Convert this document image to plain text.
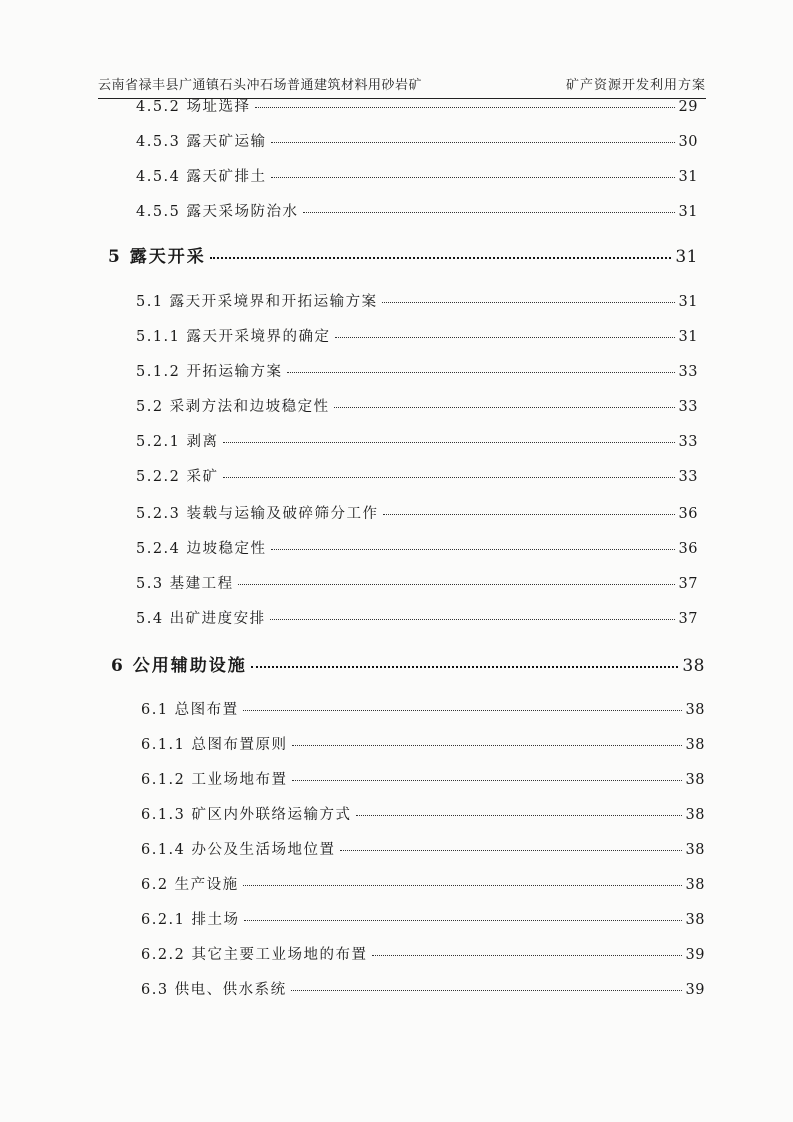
云南省禄丰县广通镇石头冲石场普通建筑材料用砂岩矿	矿产资源开发利用方案
4.5.2 场址选择	29
4.5.3 露天矿运输	30
4.5.4 露天矿排土	31
4.5.5 露天采场防治水	31
5 露天开采	31
5.1 露天开采境界和开拓运输方案	31
5.1.1 露天开采境界的确定	31
5.1.2 开拓运输方案	33
5.2 采剥方法和边坡稳定性	33
5.2.1 剥离	33
5.2.2 采矿	33
5.2.3 装载与运输及破碎筛分工作	36
5.2.4 边坡稳定性	36
5.3 基建工程	37
5.4 出矿进度安排	37
6 公用辅助设施	38
6.1 总图布置	38
6.1.1 总图布置原则	38
6.1.2 工业场地布置	38
6.1.3 矿区内外联络运输方式	38
6.1.4 办公及生活场地位置	38
6.2 生产设施	38
6.2.1 排土场	38
6.2.2 其它主要工业场地的布置	39
6.3 供电、供水系统	39
